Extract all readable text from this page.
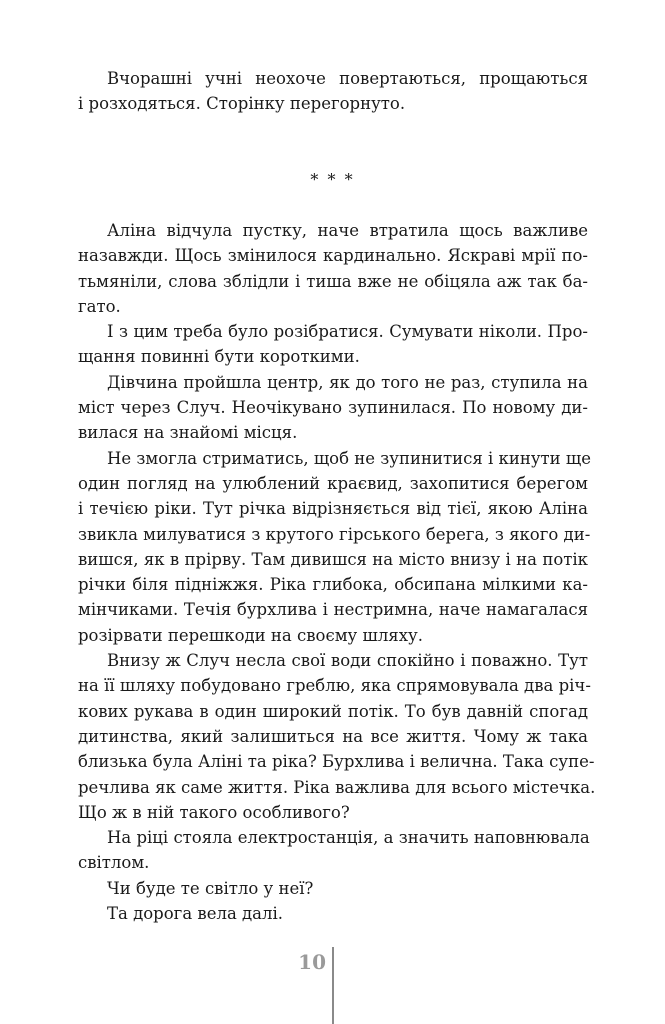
Вчорашні учні неохоче повертаються, прощаються
і розходяться. Сторінку перегорнуто.
* * *
Аліна відчула пустку, наче втратила щось важливе
назавжди. Щось змінилося кардинально. Яскраві мрії по-
тьмяніли, слова зблідли і тиша вже не обіцяла аж так ба-
гато.
І з цим треба було розібратися. Сумувати ніколи. Про-
щання повинні бути короткими.
Дівчина пройшла центр, як до того не раз, ступила на
міст через Случ. Неочікувано зупинилася. По новому ди-
вилася на знайомі місця.
Не змогла стриматись, щоб не зупинитися і кинути ще
один погляд на улюблений краєвид, захопитися берегом
і течією ріки. Тут річка відрізняється від тієї, якою Аліна
звикла милуватися з крутого гірського берега, з якого ди-
вишся, як в прірву. Там дивишся на місто внизу і на потік
річки біля підніжжя. Ріка глибока, обсипана мілкими ка-
мінчиками. Течія бурхлива і нестримна, наче намагалася
розірвати перешкоди на своєму шляху.
Внизу ж Случ несла свої води спокійно і поважно. Тут
на її шляху побудовано греблю, яка спрямовувала два річ-
кових рукава в один широкий потік. То був давній спогад
дитинства, який залишиться на все життя. Чому ж така
близька була Аліні та ріка? Бурхлива і велична. Така супе-
речлива як саме життя. Ріка важлива для всього містечка.
Що ж в ній такого особливого?
На ріці стояла електростанція, а значить наповнювала
світлом.
Чи буде те світло у неї?
Та дорога вела далі.
10
